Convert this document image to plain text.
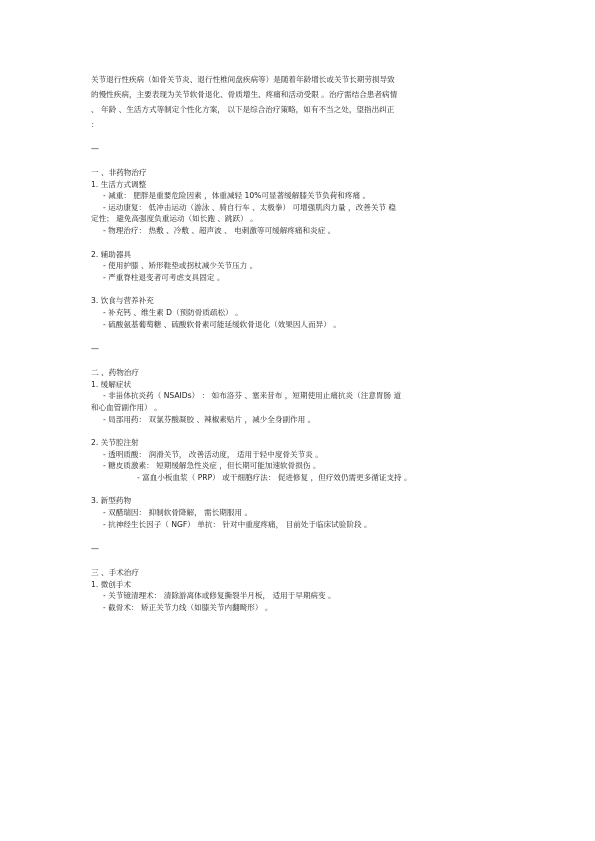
关节退行性疾病（如骨关节炎、退行性椎间盘疾病等）是随着年龄增长或关节长期劳损导致
的慢性疾病，主要表现为关节软骨退化、骨质增生、疼痛和活动受限 。治疗需结合患者病情
、 年龄 、生活方式等制定个性化方案， 以下是综合治疗策略，如有不当之处，望指出纠正
：
—
一 、非药物治疗
1. 生活方式调整
- 减重： 肥胖是重要危险因素 ，体重减轻 10%可显著缓解膝关节负荷和疼痛 。
- 运动康复： 低冲击运动（游泳 、骑自行车 、太极拳） 可增强肌肉力量 ，改善关节 稳
定性； 避免高强度负重运动（如长跑 、跳跃） 。
- 物理治疗： 热敷 、冷敷 、超声波 、 电刺激等可缓解疼痛和炎症 。
2. 辅助器具
- 使用护膝 、矫形鞋垫或拐杖减少关节压力 。
- 严重脊柱退变者可考虑支具固定 。
3. 饮食与营养补充
- 补充钙 、维生素 D（预防骨质疏松） 。
- 硫酸氨基葡萄糖 、硫酸软骨素可能延缓软骨退化（效果因人而异） 。
—
二 、药物治疗
1. 缓解症状
- 非甾体抗炎药（ NSAIDs） ： 如布洛芬 、塞来昔布 ，短期使用止痛抗炎（注意胃肠 道
和心血管副作用） 。
- 局部用药： 双氯芬酸凝胶 、辣椒素贴片 ，减少全身副作用 。
2. 关节腔注射
- 透明质酸： 润滑关节， 改善活动度， 适用于轻中度骨关节炎 。
- 糖皮质激素： 短期缓解急性炎症 ，但长期可能加速软骨损伤 。
- 富血小板血浆（ PRP） 或干细胞疗法： 促进修复 ，但疗效仍需更多循证支持 。
3. 新型药物
- 双醋瑞因： 抑制软骨降解， 需长期服用 。
- 抗神经生长因子（ NGF） 单抗： 针对中重度疼痛， 目前处于临床试验阶段 。
—
三 、手术治疗
1. 微创手术
- 关节镜清理术： 清除游离体或修复撕裂半月板， 适用于早期病变 。
- 截骨术： 矫正关节力线（如膝关节内翻畸形） 。
